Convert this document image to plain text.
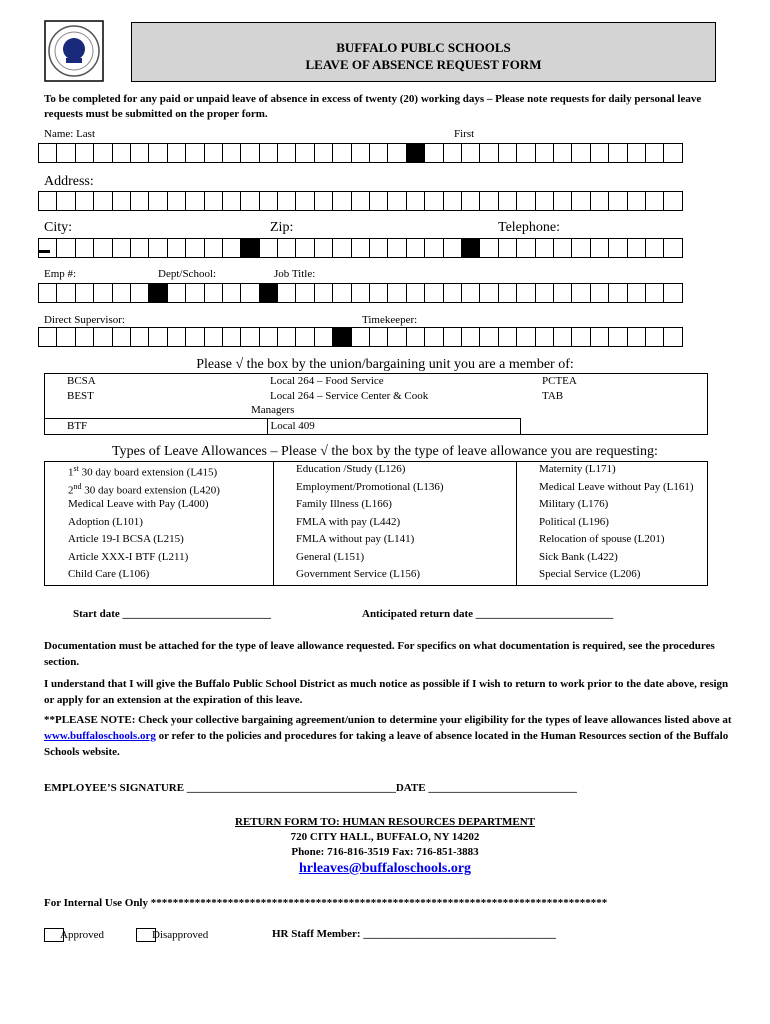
BUFFALO PUBLC SCHOOLS
LEAVE OF ABSENCE REQUEST FORM
To be completed for any paid or unpaid leave of absence in excess of twenty (20) working days – Please note requests for daily personal leave requests must be submitted on the proper form.
Name: Last	First
Address:
City:	Zip:	Telephone:
Emp #:	Dept/School:	Job Title:
Direct Supervisor:	Timekeeper:
Please √ the box by the union/bargaining unit you are a member of:
BCSA	Local 264 – Food Service	PCTEA
BEST	Local 264 – Service Center & Cook	TAB
	Managers	
BTF	Local 409	
Types of Leave Allowances – Please √ the box by the type of leave allowance you are requesting:
1st 30 day board extension (L415)	Education /Study (L126)	Maternity (L171)
2nd 30 day board extension (L420)	Employment/Promotional (L136)	Medical Leave without Pay (L161)
Medical Leave with Pay (L400)	Family Illness (L166)	Military (L176)
Adoption (L101)	FMLA with pay (L442)	Political (L196)
Article 19-I BCSA (L215)	FMLA without pay (L141)	Relocation of spouse (L201)
Article XXX-I BTF (L211)	General (L151)	Sick Bank (L422)
Child Care (L106)	Government Service (L156)	Special Service (L206)
Start date ___________________________	Anticipated return date _________________________
Documentation must be attached for the type of leave allowance requested. For specifics on what documentation is required, see the procedures section.
I understand that I will give the Buffalo Public School District as much notice as possible if I wish to return to work prior to the date above, resign or apply for an extension at the expiration of this leave.
**PLEASE NOTE: Check your collective bargaining agreement/union to determine your eligibility for the types of leave allowances listed above at www.buffaloschools.org or refer to the policies and procedures for taking a leave of absence located in the Human Resources section of the Buffalo Schools website.
EMPLOYEE’S SIGNATURE ______________________________________DATE ___________________________
RETURN FORM TO: HUMAN RESOURCES DEPARTMENT
720 CITY HALL, BUFFALO, NY 14202
Phone: 716-816-3519 Fax: 716-851-3883
hrleaves@buffaloschools.org
For Internal Use Only ***********************************************************************************
Approved	Disapproved	HR Staff Member: ___________________________________
